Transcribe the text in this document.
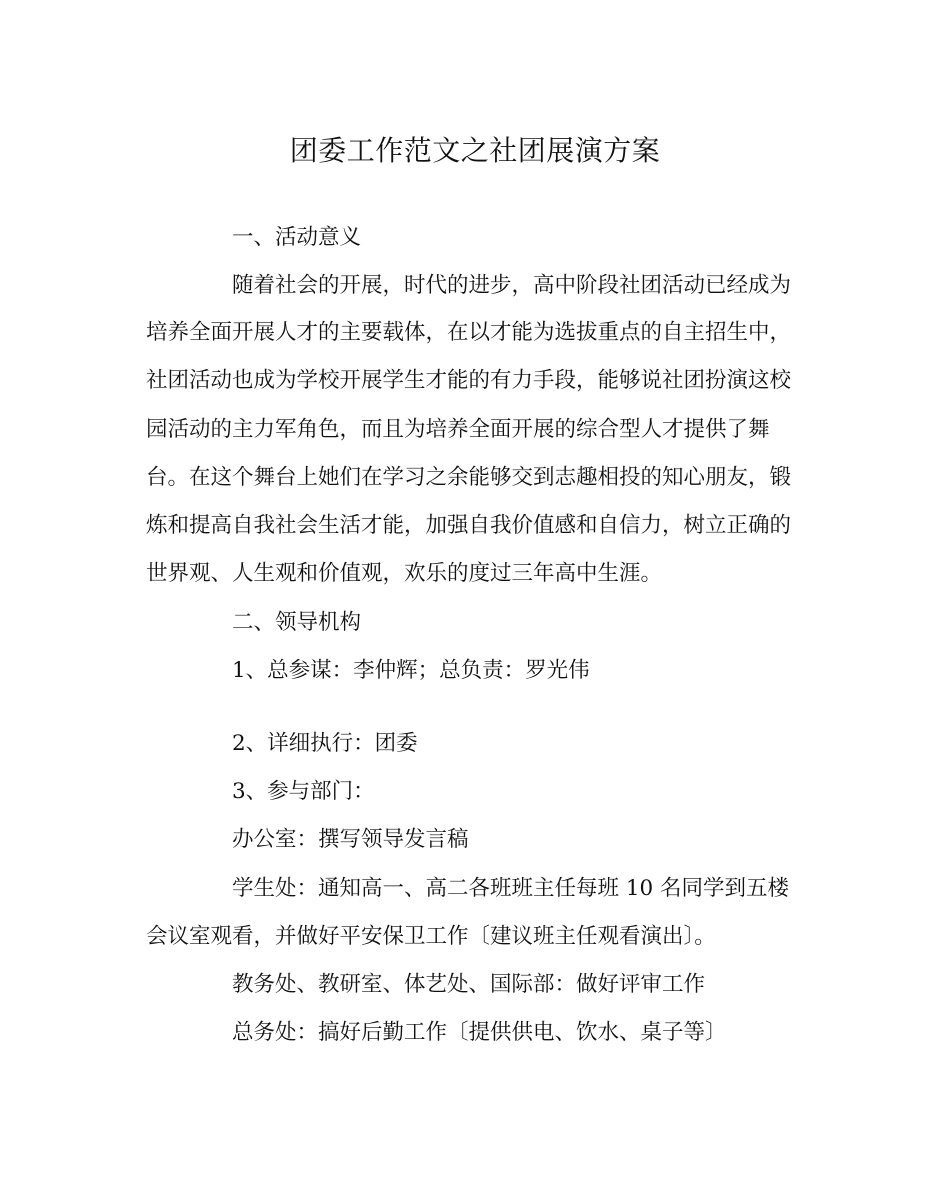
团委工作范文之社团展演方案
一、活动意义
随着社会的开展，时代的进步，高中阶段社团活动已经成为
培养全面开展人才的主要载体，在以才能为选拔重点的自主招生中，
社团活动也成为学校开展学生才能的有力手段，能够说社团扮演这校
园活动的主力军角色，而且为培养全面开展的综合型人才提供了舞
台。在这个舞台上她们在学习之余能够交到志趣相投的知心朋友，锻
炼和提高自我社会生活才能，加强自我价值感和自信力，树立正确的
世界观、人生观和价值观，欢乐的度过三年高中生涯。
二、领导机构
1、总参谋：李仲辉；总负责：罗光伟
2、详细执行：团委
3、参与部门：
办公室：撰写领导发言稿
学生处：通知高一、高二各班班主任每班 10 名同学到五楼
会议室观看，并做好平安保卫工作〔建议班主任观看演出〕。
教务处、教研室、体艺处、国际部：做好评审工作
总务处：搞好后勤工作〔提供供电、饮水、桌子等〕
